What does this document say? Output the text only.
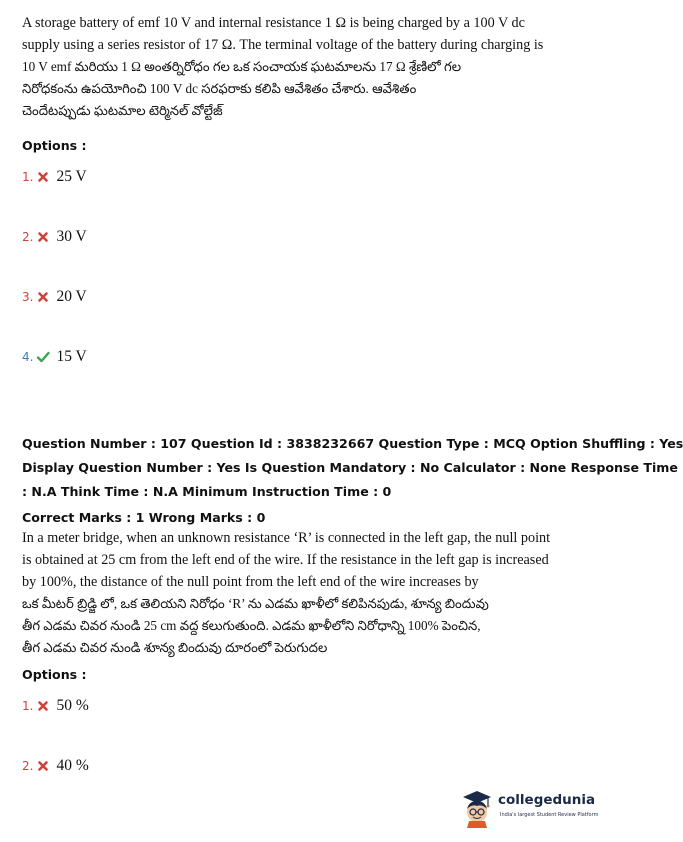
A storage battery of emf 10 V and internal resistance 1 Ω is being charged by a 100 V dc
supply using a series resistor of 17 Ω. The terminal voltage of the battery during charging is
10 V emf మరియు 1 Ω అంతర్నిరోధం గల ఒక సంచాయక ఘటమాలను 17 Ω శ్రేణిలో గల
నిరోధకంను ఉపయోగించి 100 V dc సరఫరాకు కలిపి ఆవేశితం చేశారు. ఆవేశితం
చెందేటప్పుడు ఘటమాల టెర్మినల్ వోల్టేజ్
Options :
1. 25 V
2. 30 V
3. 20 V
4. 15 V
Question Number : 107 Question Id : 3838232667 Question Type : MCQ Option Shuffling : Yes
Display Question Number : Yes Is Question Mandatory : No Calculator : None Response Time
: N.A Think Time : N.A Minimum Instruction Time : 0
Correct Marks : 1 Wrong Marks : 0
In a meter bridge, when an unknown resistance ‘R’ is connected in the left gap, the null point
is obtained at 25 cm from the left end of the wire. If the resistance in the left gap is increased
by 100%, the distance of the null point from the left end of the wire increases by
ఒక మీటర్ బ్రిడ్జి లో, ఒక తెలియని నిరోధం ‘R’ ను ఎడమ ఖాళీలో కలిపినపుడు, శూన్య బిందువు
తీగ ఎడమ చివర నుండి 25 cm వద్ద కలుగుతుంది. ఎడమ ఖాళీలోని నిరోధాన్ని 100% పెంచిన,
తీగ ఎడమ చివర నుండి శూన్య బిందువు దూరంలో పెరుగుదల
Options :
1. 50 %
2. 40 %
collegedunia
India's largest Student Review Platform
